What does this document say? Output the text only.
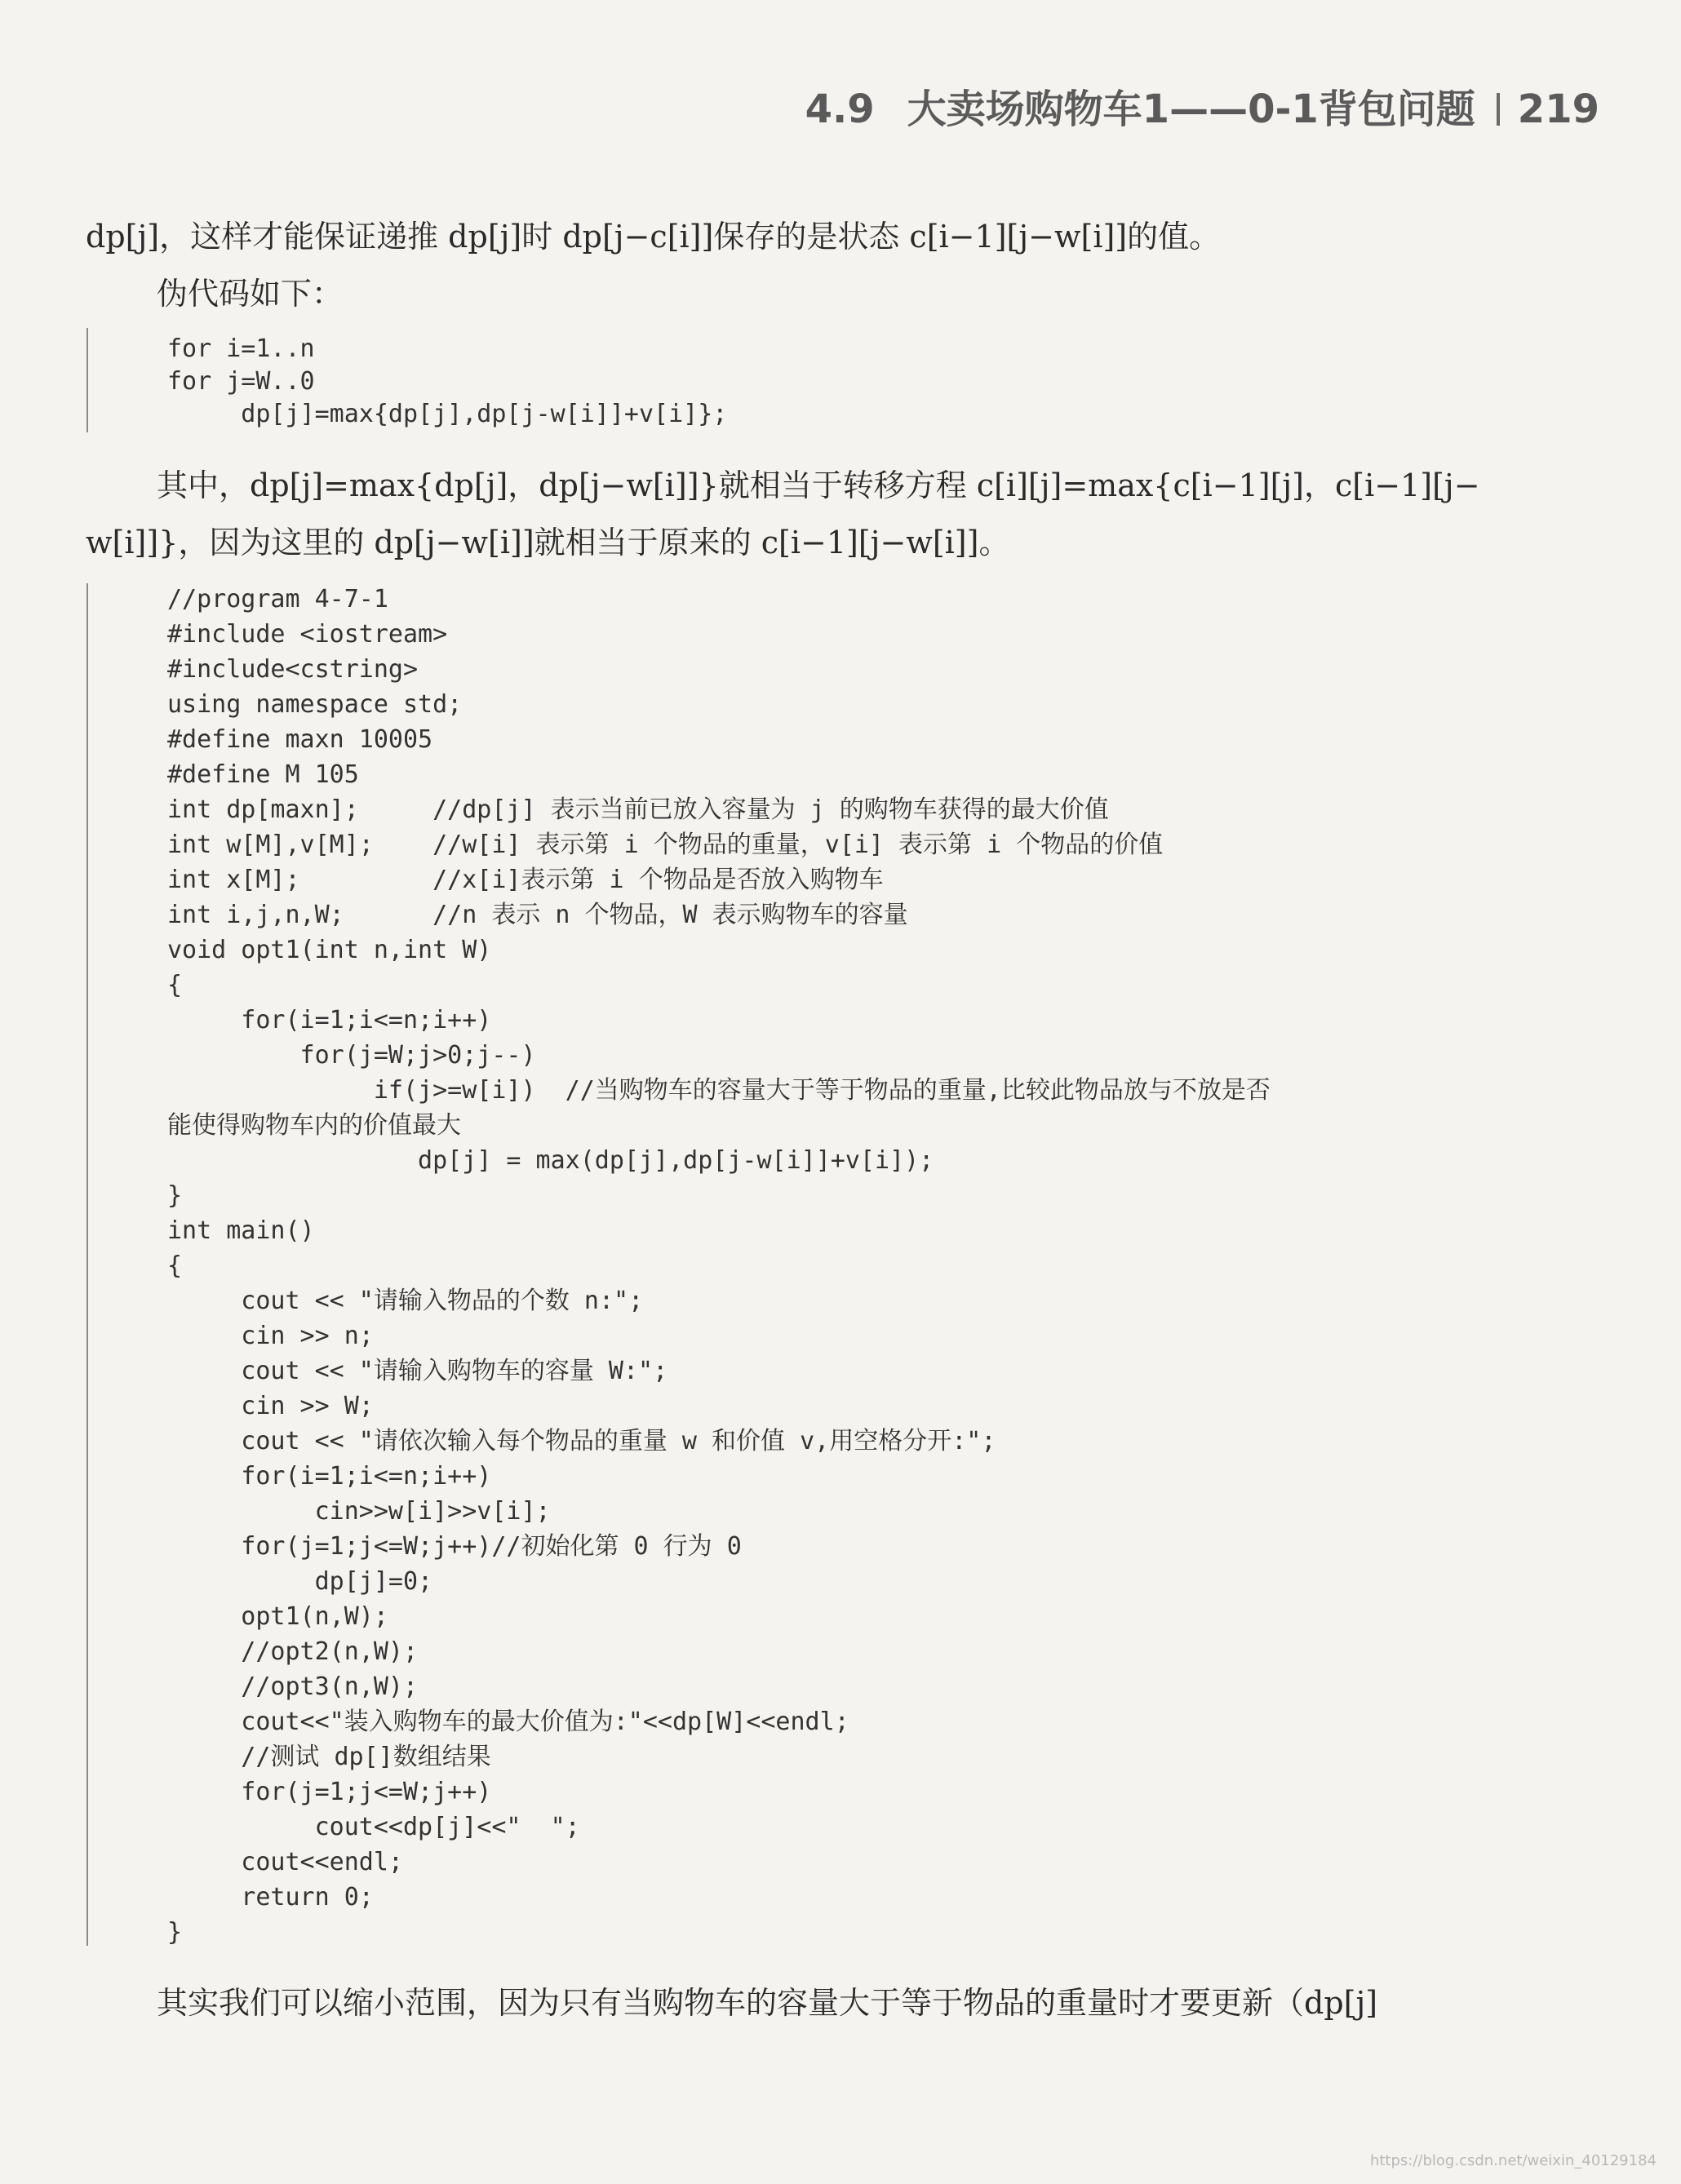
4.9 大卖场购物车1——0-1背包问题 219
dp[j]，这样才能保证递推 dp[j]时 dp[j−c[i]]保存的是状态 c[i−1][j−w[i]]的值。
伪代码如下：
for i=1..n
for j=W..0
dp[j]=max{dp[j],dp[j-w[i]]+v[i]};
其中，dp[j]=max{dp[j]，dp[j−w[i]]}就相当于转移方程 c[i][j]=max{c[i−1][j]，c[i−1][j−
w[i]]}，因为这里的 dp[j−w[i]]就相当于原来的 c[i−1][j−w[i]]。
//program 4-7-1
#include <iostream>
#include<cstring>
using namespace std;
#define maxn 10005
#define M 105
int dp[maxn];     //dp[j] 表示当前已放入容量为 j 的购物车获得的最大价值
int w[M],v[M];    //w[i] 表示第 i 个物品的重量，v[i] 表示第 i 个物品的价值
int x[M];         //x[i]表示第 i 个物品是否放入购物车
int i,j,n,W;      //n 表示 n 个物品，W 表示购物车的容量
void opt1(int n,int W)
{
for(i=1;i<=n;i++)
for(j=W;j>0;j--)
if(j>=w[i])  //当购物车的容量大于等于物品的重量,比较此物品放与不放是否
能使得购物车内的价值最大
dp[j] = max(dp[j],dp[j-w[i]]+v[i]);
}
int main()
{
cout << "请输入物品的个数 n:";
cin >> n;
cout << "请输入购物车的容量 W:";
cin >> W;
cout << "请依次输入每个物品的重量 w 和价值 v,用空格分开:";
for(i=1;i<=n;i++)
cin>>w[i]>>v[i];
for(j=1;j<=W;j++)//初始化第 0 行为 0
dp[j]=0;
opt1(n,W);
//opt2(n,W);
//opt3(n,W);
cout<<"装入购物车的最大价值为:"<<dp[W]<<endl;
//测试 dp[]数组结果
for(j=1;j<=W;j++)
cout<<dp[j]<<"  ";
cout<<endl;
return 0;
}
其实我们可以缩小范围，因为只有当购物车的容量大于等于物品的重量时才要更新（dp[j]
https://blog.csdn.net/weixin_40129184
